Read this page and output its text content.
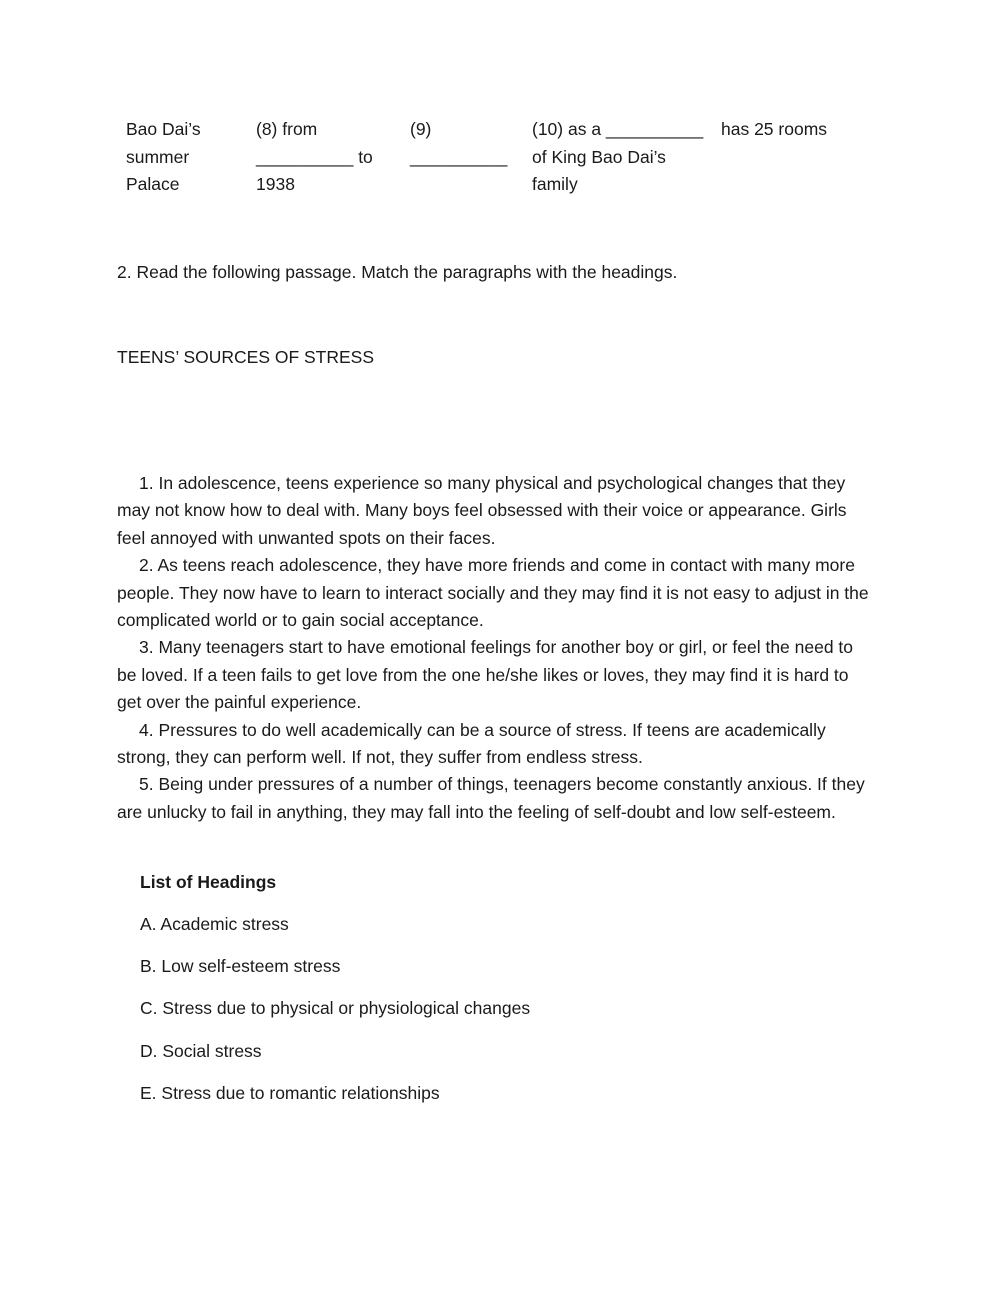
Bao Dai’s
summer
Palace
(8) from
__________ to
1938
(9)
__________
(10) as a __________
of King Bao Dai’s
family
has 25 rooms
2. Read the following passage. Match the paragraphs with the headings.
TEENS’ SOURCES OF STRESS

1. In adolescence, teens experience so many physical and psychological changes that they may not know how to deal with. Many boys feel obsessed with their voice or appearance. Girls feel annoyed with unwanted spots on their faces.

2. As teens reach adolescence, they have more friends and come in contact with many more people. They now have to learn to interact socially and they may find it is not easy to adjust in the complicated world or to gain social acceptance.

3. Many teenagers start to have emotional feelings for another boy or girl, or feel the need to be loved. If a teen fails to get love from the one he/she likes or loves, they may find it is hard to get over the painful experience.

4. Pressures to do well academically can be a source of stress. If teens are academically strong, they can perform well. If not, they suffer from endless stress.

5. Being under pressures of a number of things, teenagers become constantly anxious. If they are unlucky to fail in anything, they may fall into the feeling of self-doubt and low self-esteem.

List of Headings
A. Academic stress
B. Low self-esteem stress
C. Stress due to physical or physiological changes
D. Social stress
E. Stress due to romantic relationships
